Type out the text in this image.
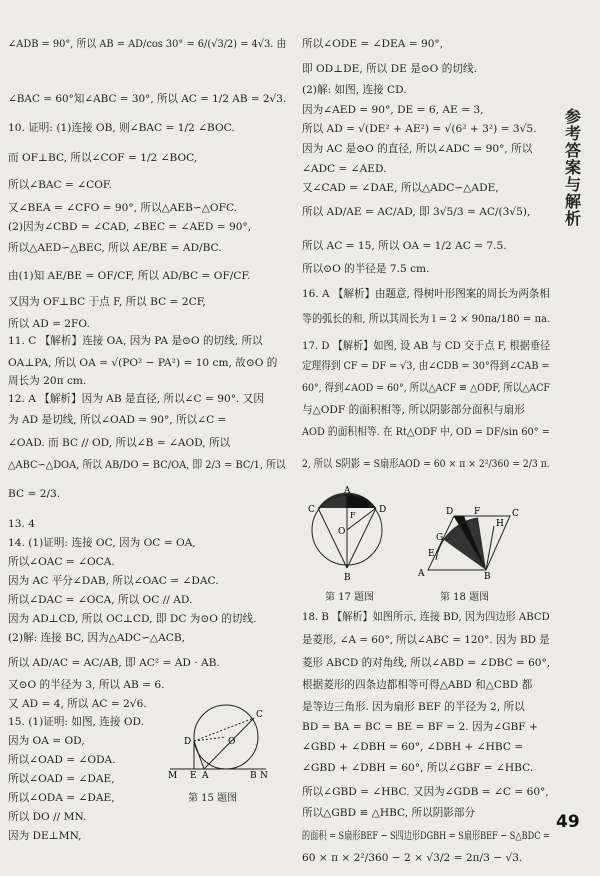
∠ADB = 90°, 所以 AB = AD/cos 30° = 6/(√3/2) = 4√3. 由
∠BAC = 60°知∠ABC = 30°, 所以 AC = 1/2 AB = 2√3.
10. 证明: (1)连接 OB, 则∠BAC = 1/2 ∠BOC.
而 OF⊥BC, 所以∠COF = 1/2 ∠BOC,
所以∠BAC = ∠COF.
又∠BEA = ∠CFO = 90°, 所以△AEB∽△OFC.
(2)因为∠CBD = ∠CAD, ∠BEC = ∠AED = 90°,
所以△AED∽△BEC, 所以 AE/BE = AD/BC.
由(1)知 AE/BE = OF/CF, 所以 AD/BC = OF/CF.
又因为 OF⊥BC 于点 F, 所以 BC = 2CF,
所以 AD = 2FO.
11. C 【解析】连接 OA, 因为 PA 是⊙O 的切线, 所以
OA⊥PA, 所以 OA = √(PO² − PA²) = 10 cm, 故⊙O 的
周长为 20π cm.
12. A 【解析】因为 AB 是直径, 所以∠C = 90°. 又因
为 AD 是切线, 所以∠OAD = 90°, 所以∠C =
∠OAD. 而 BC // OD, 所以∠B = ∠AOD, 所以
△ABC∽△DOA, 所以 AB/DO = BC/OA, 即 2/3 = BC/1, 所以
BC = 2/3.
13. 4
14. (1)证明: 连接 OC, 因为 OC = OA,
所以∠OAC = ∠OCA.
因为 AC 平分∠DAB, 所以∠OAC = ∠DAC.
所以∠DAC = ∠OCA, 所以 OC // AD.
因为 AD⊥CD, 所以 OC⊥CD, 即 DC 为⊙O 的切线.
(2)解: 连接 BC, 因为△ADC∽△ACB,
所以 AD/AC = AC/AB, 即 AC² = AD · AB.
又⊙O 的半径为 3, 所以 AB = 6.
又 AD = 4, 所以 AC = 2√6.
15. (1)证明: 如图, 连接 OD.
因为 OA = OD,
所以∠OAD = ∠ODA.
所以∠OAD = ∠DAE,
所以∠ODA = ∠DAE,
所以 DO // MN.
因为 DE⊥MN,
所以∠ODE = ∠DEA = 90°,
即 OD⊥DE, 所以 DE 是⊙O 的切线.
(2)解: 如图, 连接 CD.
因为∠AED = 90°, DE = 6, AE = 3,
所以 AD = √(DE² + AE²) = √(6² + 3²) = 3√5.
因为 AC 是⊙O 的直径, 所以∠ADC = 90°, 所以
∠ADC = ∠AED.
又∠CAD = ∠DAE, 所以△ADC∽△ADE,
所以 AD/AE = AC/AD, 即 3√5/3 = AC/(3√5),
所以 AC = 15, 所以 OA = 1/2 AC = 7.5.
所以⊙O 的半径是 7.5 cm.
16. A 【解析】由题意, 得树叶形图案的周长为两条相
等的弧长的和, 所以其周长为 l = 2 × 90πa/180 = πa.
17. D 【解析】如图, 设 AB 与 CD 交于点 F, 根据垂径
定理得到 CF = DF = √3, 由∠CDB = 30°得到∠CAB =
60°, 得到∠AOD = 60°, 所以△ACF ≌ △ODF, 所以△ACF
与△ODF 的面积相等, 所以阴影部分面积与扇形
AOD 的面积相等. 在 Rt△ODF 中, OD = DF/sin 60° =
2, 所以 S阴影 = S扇形AOD = 60 × π × 2²/360 = 2/3 π.
18. B 【解析】如图所示, 连接 BD, 因为四边形 ABCD
是菱形, ∠A = 60°, 所以∠ABC = 120°. 因为 BD 是
菱形 ABCD 的对角线, 所以∠ABD = ∠DBC = 60°,
根据菱形的四条边都相等可得△ABD 和△CBD 都
是等边三角形. 因为扇形 BEF 的半径为 2, 所以
BD = BA = BC = BE = BF = 2. 因为∠GBF +
∠GBD + ∠DBH = 60°, ∠DBH + ∠HBC =
∠GBD + ∠DBH = 60°, 所以∠GBF = ∠HBC.
所以∠GBD = ∠HBC. 又因为∠GDB = ∠C = 60°,
所以△GBD ≌ △HBC, 所以阴影部分
的面积 = S扇形BEF − S四边形DGBH = S扇形BEF − S△BDC =
60 × π × 2²/360 − 2 × √3/2 = 2π/3 − √3.
M E A	B N
D	O
C
第 15 题图
A
C	D
F
O
B
第 17 题图
D F
H
C
G
E
A	B
第 18 题图
参
考
答
案
与
解
析
49
